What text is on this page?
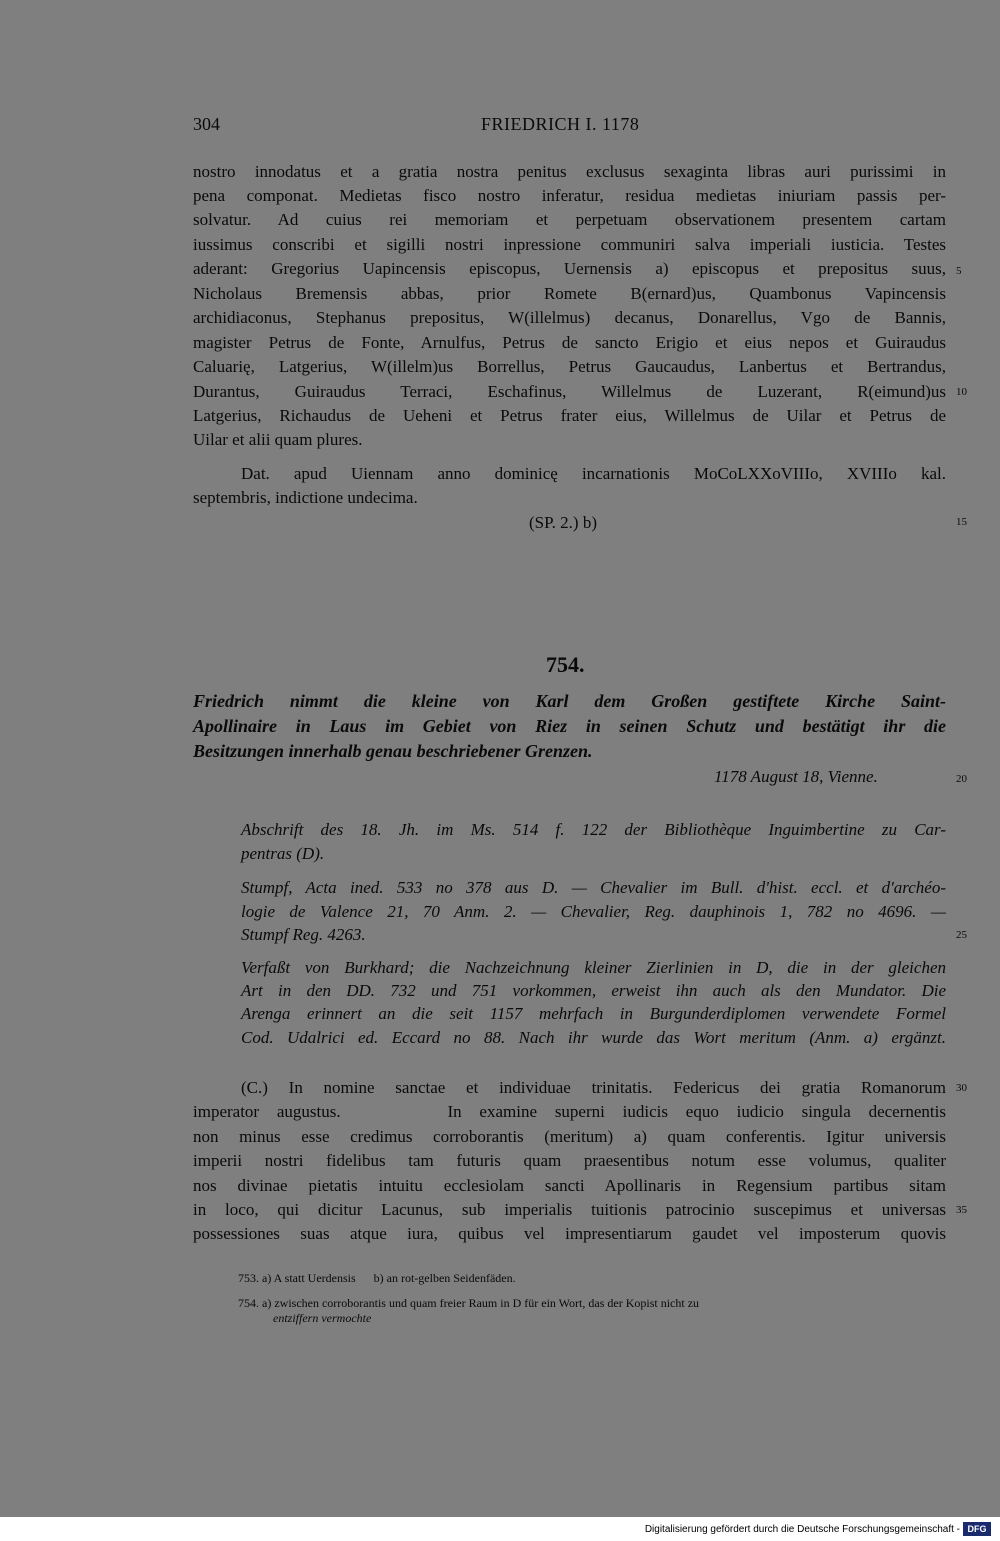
304	FRIEDRICH I. 1178
nostro innodatus et a gratia nostra penitus exclusus sexaginta libras auri purissimi in
pena componat. Medietas fisco nostro inferatur, residua medietas iniuriam passis per-
solvatur. Ad cuius rei memoriam et perpetuam observationem presentem cartam
iussimus conscribi et sigilli nostri inpressione communiri salva imperiali iusticia. Testes
aderant: Gregorius Uapincensis episcopus, Uernensis a) episcopus et prepositus suus,
Nicholaus Bremensis abbas, prior Romete B(ernard)us, Quambonus Vapincensis
archidiaconus, Stephanus prepositus, W(illelmus) decanus, Donarellus, Vgo de Bannis,
magister Petrus de Fonte, Arnulfus, Petrus de sancto Erigio et eius nepos et Guiraudus
Caluarię, Latgerius, W(illelm)us Borrellus, Petrus Gaucaudus, Lanbertus et Bertrandus,
Durantus, Guiraudus Terraci, Eschafinus, Willelmus de Luzerant, R(eimund)us
Latgerius, Richaudus de Ueheni et Petrus frater eius, Willelmus de Uilar et Petrus de
Uilar et alii quam plures.
Dat. apud Uiennam anno dominicę incarnationis MoCoLXXoVIIIo, XVIIIo kal.
septembris, indictione undecima.
(SP. 2.) b)
754.
Friedrich nimmt die kleine von Karl dem Großen gestiftete Kirche Saint-
Apollinaire in Laus im Gebiet von Riez in seinen Schutz und bestätigt ihr die
Besitzungen innerhalb genau beschriebener Grenzen.
1178 August 18, Vienne.
Abschrift des 18. Jh. im Ms. 514 f. 122 der Bibliothèque Inguimbertine zu Car-
pentras (D).
Stumpf, Acta ined. 533 no 378 aus D. — Chevalier im Bull. d'hist. eccl. et d'archéo-
logie de Valence 21, 70 Anm. 2. — Chevalier, Reg. dauphinois 1, 782 no 4696. —
Stumpf Reg. 4263.
Verfaßt von Burkhard; die Nachzeichnung kleiner Zierlinien in D, die in der gleichen
Art in den DD. 732 und 751 vorkommen, erweist ihn auch als den Mundator. Die
Arenga erinnert an die seit 1157 mehrfach in Burgunderdiplomen verwendete Formel
Cod. Udalrici ed. Eccard no 88. Nach ihr wurde das Wort meritum (Anm. a) ergänzt.
(C.) In nomine sanctae et individuae trinitatis. Federicus dei gratia Romanorum
imperator augustus.      In examine superni iudicis equo iudicio singula decernentis
non minus esse credimus corroborantis (meritum) a) quam conferentis. Igitur universis
imperii nostri fidelibus tam futuris quam praesentibus notum esse volumus, qualiter
nos divinae pietatis intuitu ecclesiolam sancti Apollinaris in Regensium partibus sitam
in loco, qui dicitur Lacunus, sub imperialis tuitionis patrocinio suscepimus et universas
possessiones suas atque iura, quibus vel impresentiarum gaudet vel imposterum quovis
5
10
15
20
25
30
35
753. a) A statt Uerdensis      b) an rot-gelben Seidenfäden.
754. a) zwischen corroborantis und quam freier Raum in D für ein Wort, das der Kopist nicht zu
entziffern vermochte
Digitalisierung gefördert durch die Deutsche Forschungsgemeinschaft - DFG
